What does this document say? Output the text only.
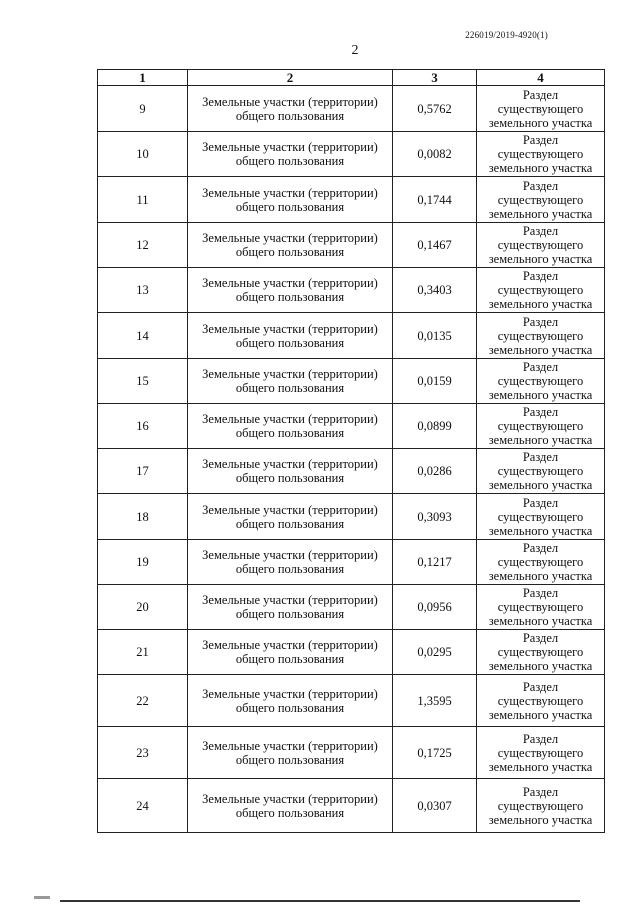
226019/2019-4920(1)
2
1	2	3	4
9	Земельные участки (территории) общего пользования	0,5762	Раздел существующего земельного участка
10	Земельные участки (территории) общего пользования	0,0082	Раздел существующего земельного участка
11	Земельные участки (территории) общего пользования	0,1744	Раздел существующего земельного участка
12	Земельные участки (территории) общего пользования	0,1467	Раздел существующего земельного участка
13	Земельные участки (территории) общего пользования	0,3403	Раздел существующего земельного участка
14	Земельные участки (территории) общего пользования	0,0135	Раздел существующего земельного участка
15	Земельные участки (территории) общего пользования	0,0159	Раздел существующего земельного участка
16	Земельные участки (территории) общего пользования	0,0899	Раздел существующего земельного участка
17	Земельные участки (территории) общего пользования	0,0286	Раздел существующего земельного участка
18	Земельные участки (территории) общего пользования	0,3093	Раздел существующего земельного участка
19	Земельные участки (территории) общего пользования	0,1217	Раздел существующего земельного участка
20	Земельные участки (территории) общего пользования	0,0956	Раздел существующего земельного участка
21	Земельные участки (территории) общего пользования	0,0295	Раздел существующего земельного участка
22	Земельные участки (территории) общего пользования	1,3595	Раздел существующего земельного участка
23	Земельные участки (территории) общего пользования	0,1725	Раздел существующего земельного участка
24	Земельные участки (территории) общего пользования	0,0307	Раздел существующего земельного участка
